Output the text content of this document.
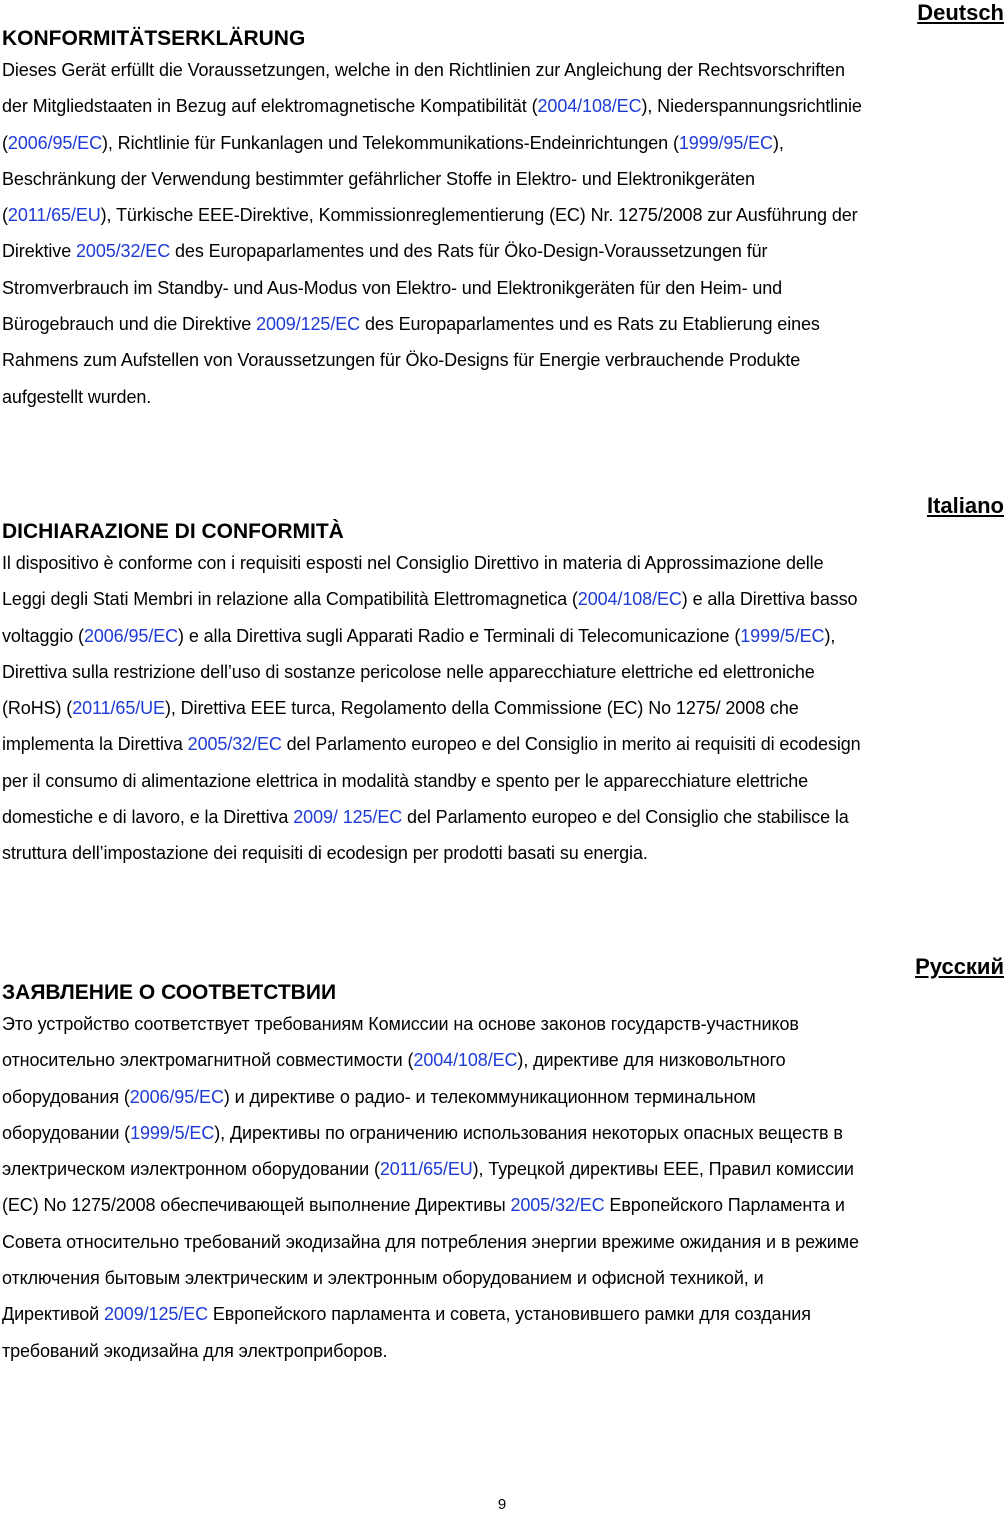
Deutsch
KONFORMITÄTSERKLÄRUNG

Dieses Gerät erfüllt die Voraussetzungen, welche in den Richtlinien zur Angleichung der Rechtsvorschriften

der Mitgliedstaaten in Bezug auf elektromagnetische Kompatibilität (2004/108/EC), Niederspannungsrichtlinie

(2006/95/EC), Richtlinie für Funkanlagen und Telekommunikations-Endeinrichtungen (1999/95/EC),

Beschränkung der Verwendung bestimmter gefährlicher Stoffe in Elektro- und Elektronikgeräten

(2011/65/EU), Türkische EEE-Direktive, Kommissionreglementierung (EC) Nr. 1275/2008 zur Ausführung der

Direktive 2005/32/EC des Europaparlamentes und des Rats für Öko-Design-Voraussetzungen für

Stromverbrauch im Standby- und Aus-Modus von Elektro- und Elektronikgeräten für den Heim- und

Bürogebrauch und die Direktive 2009/125/EC des Europaparlamentes und es Rats zu Etablierung eines

Rahmens zum Aufstellen von Voraussetzungen für Öko-Designs für Energie verbrauchende Produkte

aufgestellt wurden.

Italiano
DICHIARAZIONE DI CONFORMITÀ

Il dispositivo è conforme con i requisiti esposti nel Consiglio Direttivo in materia di Approssimazione delle

Leggi degli Stati Membri in relazione alla Compatibilità Elettromagnetica (2004/108/EC) e alla Direttiva basso

voltaggio (2006/95/EC) e alla Direttiva sugli Apparati Radio e Terminali di Telecomunicazione (1999/5/EC),

Direttiva sulla restrizione dell’uso di sostanze pericolose nelle apparecchiature elettriche ed elettroniche

(RoHS) (2011/65/UE), Direttiva EEE turca, Regolamento della Commissione (EC) No 1275/ 2008 che

implementa la Direttiva 2005/32/EC del Parlamento europeo e del Consiglio in merito ai requisiti di ecodesign

per il consumo di alimentazione elettrica in modalità standby e spento per le apparecchiature elettriche

domestiche e di lavoro, e la Direttiva 2009/ 125/EC del Parlamento europeo e del Consiglio che stabilisce la

struttura dell’impostazione dei requisiti di ecodesign per prodotti basati su energia.

Русский
ЗАЯВЛЕНИЕ О СООТВЕТСТВИИ

Это устройство соответствует требованиям Комиссии на основе законов государств-участников

относительно электромагнитной совместимости (2004/108/EC), директиве для низковольтного

оборудования (2006/95/EC) и директиве о радио- и телекоммуникационном терминальном

оборудовании (1999/5/EC), Директивы по ограничению использования некоторых опасных веществ в

электрическом иэлектронном оборудовании (2011/65/EU), Турецкой директивы EEE, Правил комиссии

(EC) No 1275/2008 обеспечивающей выполнение Директивы 2005/32/EC Европейского Парламента и

Совета относительно требований экодизайна для потребления энергии врежиме ожидания и в режиме

отключения бытовым электрическим и электронным оборудованием и офисной техникой, и

Директивой 2009/125/EC Европейского парламента и совета, установившего рамки для создания

требований экодизайна для электроприборов.

9
